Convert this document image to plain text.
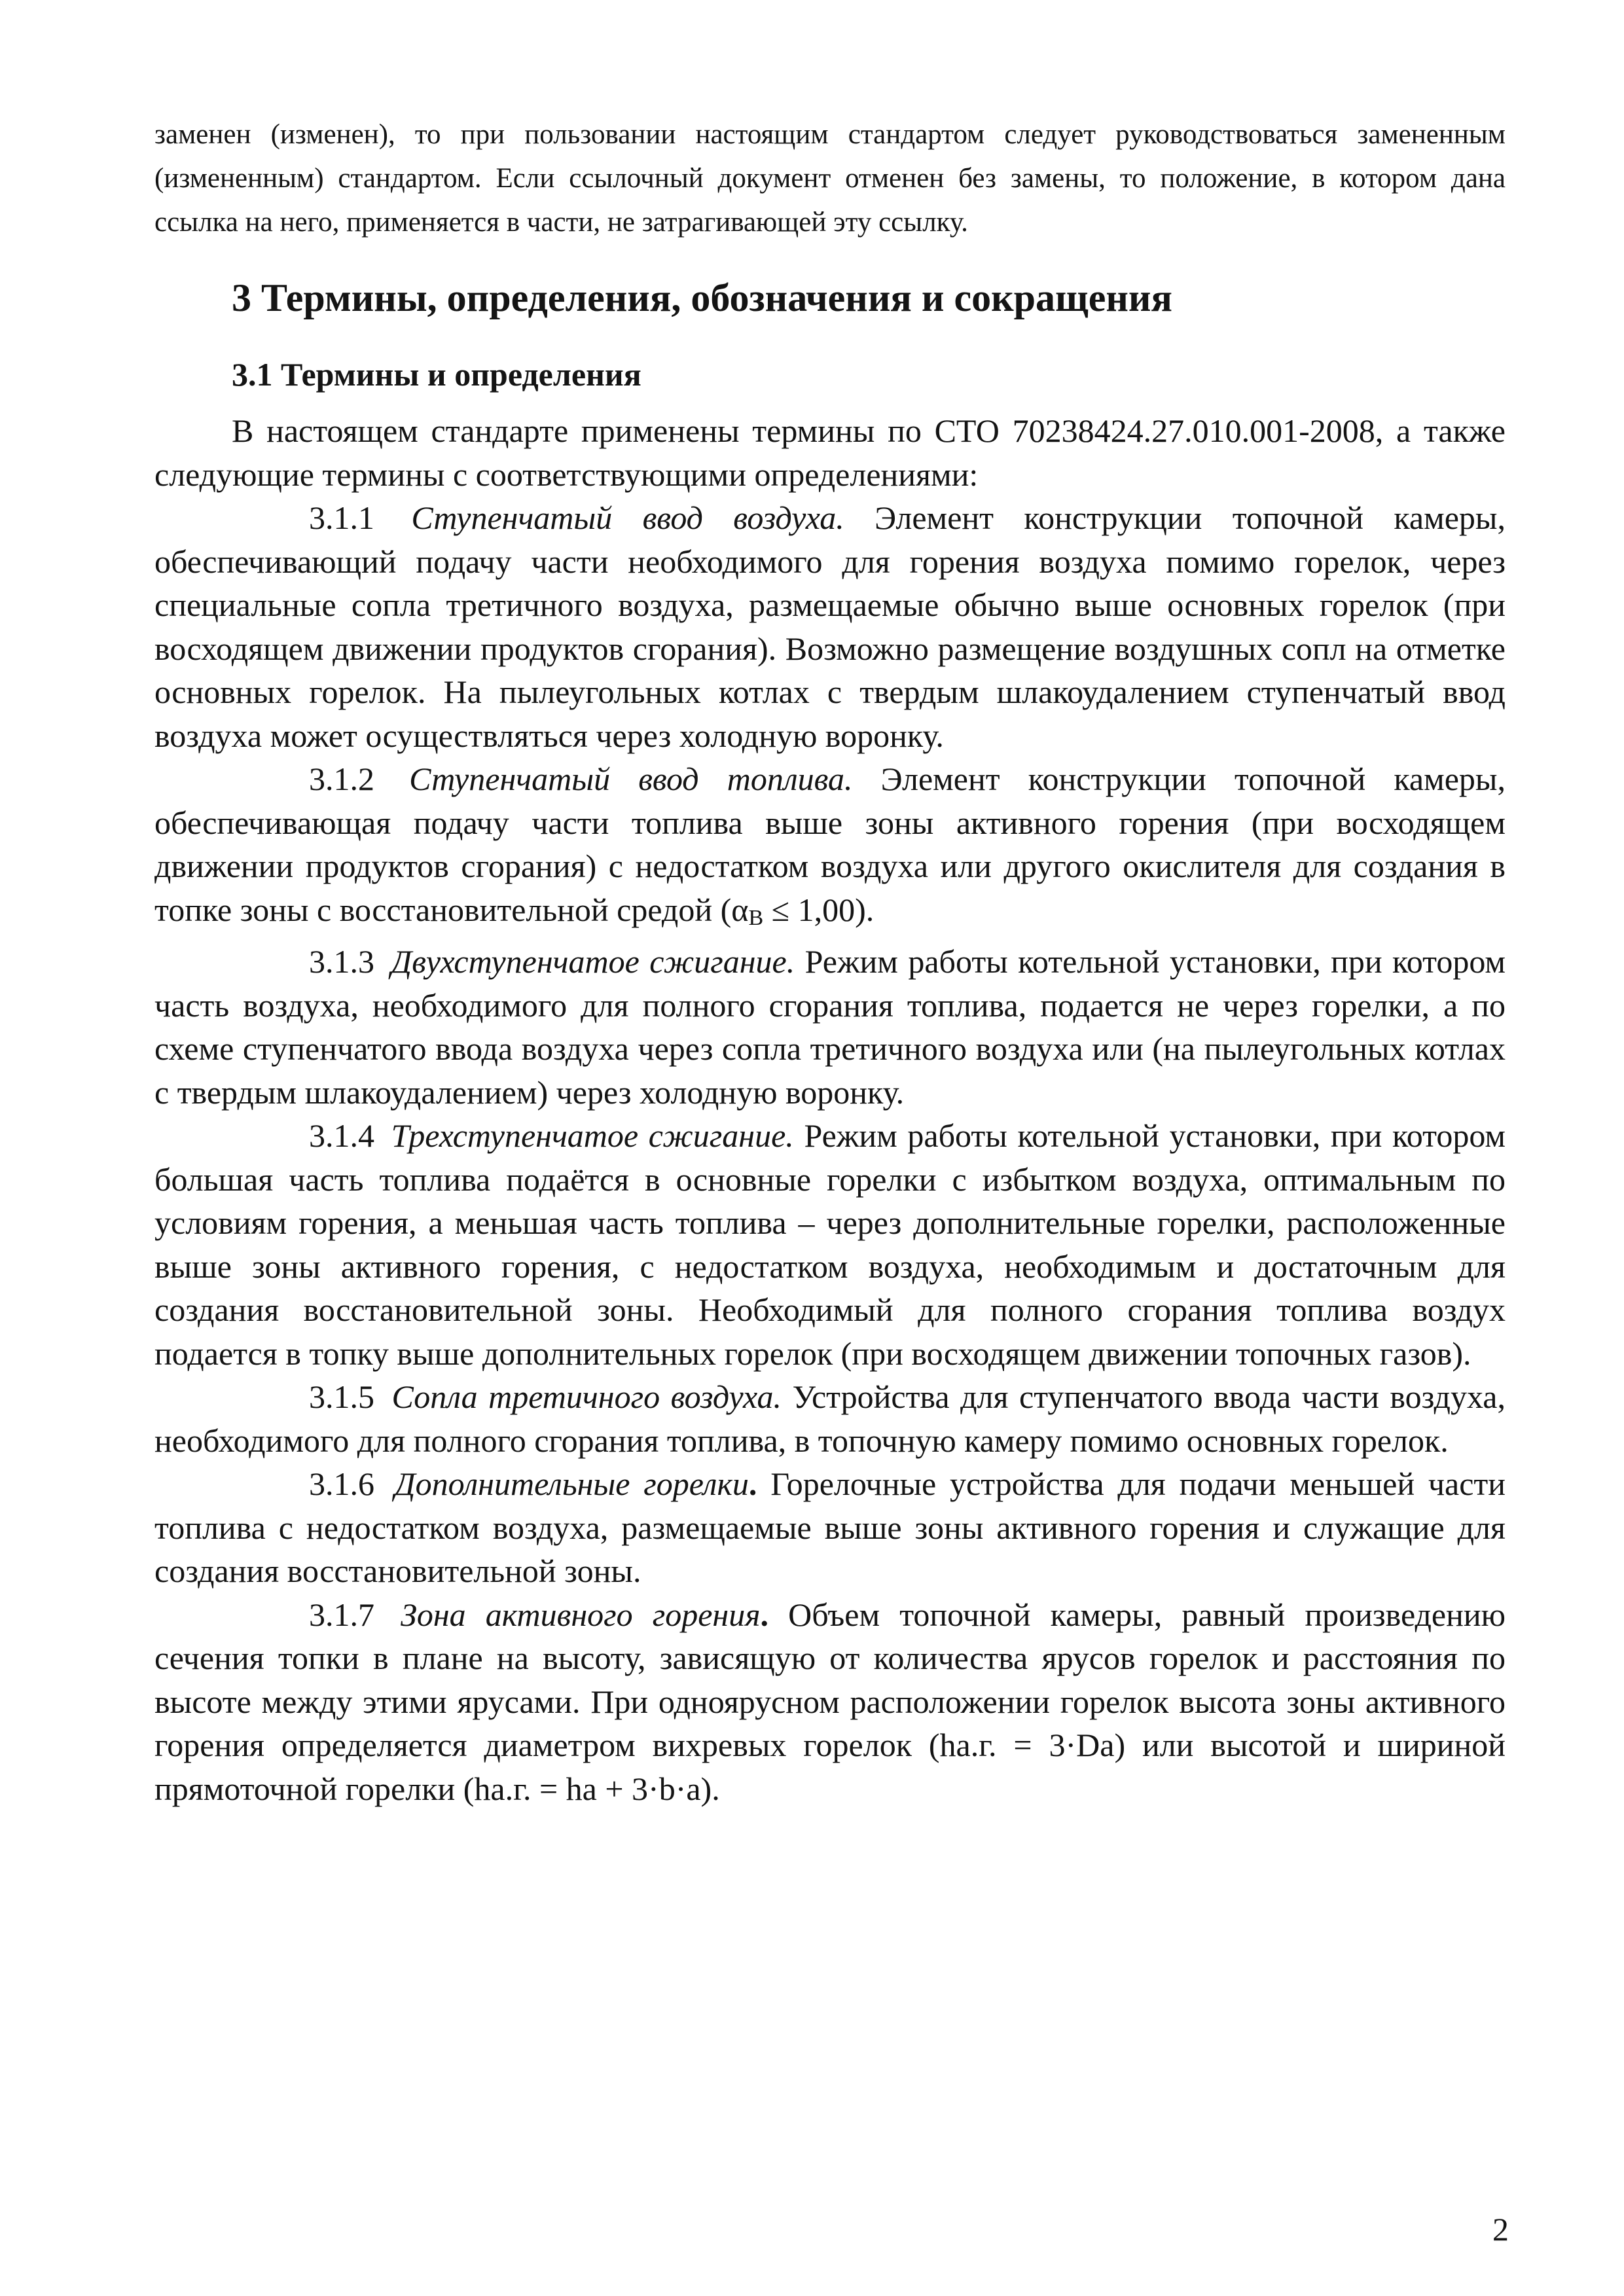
заменен (изменен), то при пользовании настоящим стандартом следует руководствоваться замененным (измененным) стандартом. Если ссылочный документ отменен без замены, то положение, в котором дана ссылка на него, применяется в части, не затрагивающей эту ссылку.

3 Термины, определения, обозначения и сокращения
3.1 Термины и определения

В настоящем стандарте применены термины по СТО 70238424.27.010.001-2008, а также следующие термины с соответствующими определениями:

3.1.1 Ступенчатый ввод воздуха. Элемент конструкции топочной камеры, обеспечивающий подачу части необходимого для горения воздуха помимо горелок, через специальные сопла третичного воздуха, размещаемые обычно выше основных горелок (при восходящем движении продуктов сгорания). Возможно размещение воздушных сопл на отметке основных горелок. На пылеугольных котлах с твердым шлакоудалением ступенчатый ввод воздуха может осуществляться через холодную воронку.

3.1.2 Ступенчатый ввод топлива. Элемент конструкции топочной камеры, обеспечивающая подачу части топлива выше зоны активного горения (при восходящем движении продуктов сгорания) с недостатком воздуха или другого окислителя для создания в топке зоны с восстановительной средой (αВ ≤ 1,00).

3.1.3 Двухступенчатое сжигание. Режим работы котельной установки, при котором часть воздуха, необходимого для полного сгорания топлива, подается не через горелки, а по схеме ступенчатого ввода воздуха через сопла третичного воздуха или (на пылеугольных котлах с твердым шлакоудалением) через холодную воронку.

3.1.4 Трехступенчатое сжигание. Режим работы котельной установки, при котором большая часть топлива подаётся в основные горелки с избытком воздуха, оптимальным по условиям горения, а меньшая часть топлива – через дополнительные горелки, расположенные выше зоны активного горения, с недостатком воздуха, необходимым и достаточным для создания восстановительной зоны. Необходимый для полного сгорания топлива воздух подается в топку выше дополнительных горелок (при восходящем движении топочных газов).

3.1.5 Сопла третичного воздуха. Устройства для ступенчатого ввода части воздуха, необходимого для полного сгорания топлива, в топочную камеру помимо основных горелок.

3.1.6 Дополнительные горелки. Горелочные устройства для подачи меньшей части топлива с недостатком воздуха, размещаемые выше зоны активного горения и служащие для создания восстановительной зоны.

3.1.7 Зона активного горения. Объем топочной камеры, равный произведению сечения топки в плане на высоту, зависящую от количества ярусов горелок и расстояния по высоте между этими ярусами. При одноярусном расположении горелок высота зоны активного горения определяется диаметром вихревых горелок (hа.г. = 3·Dа) или высотой и шириной прямоточной горелки (hа.г. = hа + 3·b·а).

2
